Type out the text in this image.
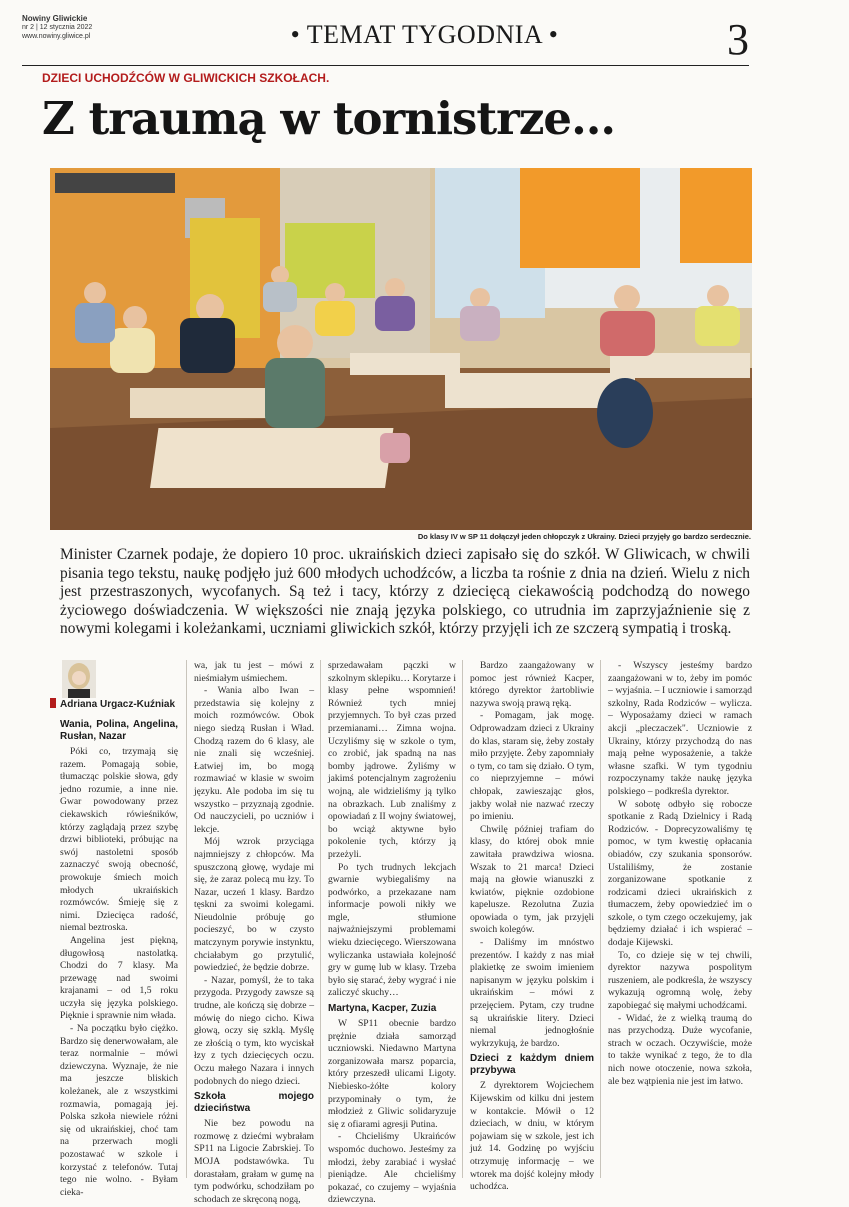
Nowiny Gliwickie
nr 2 | 12 stycznia 2022
www.nowiny.gliwice.pl	• TEMAT TYGODNIA •	3
DZIECI UCHODŹCÓW W GLIWICKICH SZKOŁACH.
Z traumą w tornistrze...
Do klasy IV w SP 11 dołączył jeden chłopczyk z Ukrainy. Dzieci przyjęły go bardzo serdecznie.
Minister Czarnek podaje, że dopiero 10 proc. ukraińskich dzieci zapisało się do szkół. W Gliwicach, w chwili pisania tego tekstu, naukę podjęło już 600 młodych uchodźców, a liczba ta rośnie z dnia na dzień. Wielu z nich jest przestraszonych, wycofanych. Są też i tacy, którzy z dziecięcą ciekawością podchodzą do nowego życiowego doświadczenia. W większości nie znają języka polskiego, co utrudnia im zaprzyjaźnienie się z nowymi kolegami i koleżankami, uczniami gliwickich szkół, którzy przyjęli ich ze szczerą sympatią i troską.
Adriana Urgacz-Kuźniak
Wania, Polina, Angelina, Rusłan, Nazar

Póki co, trzymają się razem. Pomagają sobie, tłumacząc polskie słowa, gdy jedno rozumie, a inne nie. Gwar powodowany przez ciekawskich rówieśników, którzy zaglądają przez szybę drzwi biblioteki, próbując na swój nastoletni sposób zaznaczyć swoją obecność, prowokuje śmiech moich młodych ukraińskich rozmówców. Śmieję się z nimi. Dziecięca radość, niemal beztroska.

Angelina jest piękną, długowłosą nastolatką. Chodzi do 7 klasy. Ma przewagę nad swoimi krajanami – od 1,5 roku uczyła się języka polskiego. Pięknie i sprawnie nim włada.

- Na początku było ciężko. Bardzo się denerwowałam, ale teraz normalnie – mówi dziewczyna. Wyznaje, że nie ma jeszcze bliskich koleżanek, ale z wszystkimi rozmawia, pomagają jej. Polska szkoła niewiele różni się od ukraińskiej, choć tam na przerwach mogli pozostawać w szkole i korzystać z telefonów. Tutaj tego nie wolno. - Byłam cieka-

wa, jak tu jest – mówi z nieśmiałym uśmiechem.

- Wania albo Iwan – przedstawia się kolejny z moich rozmówców. Obok niego siedzą Rusłan i Wład. Chodzą razem do 6 klasy, ale nie znali się wcześniej. Łatwiej im, bo mogą rozmawiać w klasie w swoim języku. Ale podoba im się tu wszystko – przyznają zgodnie. Od nauczycieli, po uczniów i lekcje.

Mój wzrok przyciąga najmniejszy z chłopców. Ma spuszczoną głowę, wydaje mi się, że zaraz polecą mu łzy. To Nazar, uczeń 1 klasy. Bardzo tęskni za swoimi kolegami. Nieudolnie próbuję go pocieszyć, bo w czysto matczynym porywie instynktu, chciałabym go przytulić, powiedzieć, że będzie dobrze.

- Nazar, pomyśl, że to taka przygoda. Przygody zawsze są trudne, ale kończą się dobrze – mówię do niego cicho. Kiwa głową, oczy się szklą. Myślę ze złością o tym, kto wyciskał łzy z tych dziecięcych oczu. Oczu małego Nazara i innych podobnych do niego dzieci.

Szkoła mojego dzieciństwa

Nie bez powodu na rozmowę z dziećmi wybrałam SP11 na Ligocie Zabrskiej. To MOJA podstawówka. Tu dorastałam, grałam w gumę na tym podwórku, schodziłam po schodach ze skręconą nogą,

sprzedawałam pączki w szkolnym sklepiku… Korytarze i klasy pełne wspomnień! Również tych mniej przyjemnych. To był czas przed przemianami… Zimna wojna. Uczyliśmy się w szkole o tym, co zrobić, jak spadną na nas bomby jądrowe. Żyliśmy w jakimś potencjalnym zagrożeniu wojną, ale widzieliśmy ją tylko na obrazkach. Lub znaliśmy z opowiadań z II wojny światowej, bo wciąż aktywne było pokolenie tych, którzy ją przeżyli.

Po tych trudnych lekcjach gwarnie wybiegaliśmy na podwórko, a przekazane nam informacje powoli nikły we mgle, stłumione najważniejszymi problemami wieku dziecięcego. Wierszowana wyliczanka ustawiała kolejność gry w gumę lub w klasy. Trzeba było się starać, żeby wygrać i nie zaliczyć skuchy…

Martyna, Kacper, Zuzia

W SP11 obecnie bardzo prężnie działa samorząd uczniowski. Niedawno Martyna zorganizowała marsz poparcia, który przeszedł ulicami Ligoty. Niebiesko-żółte kolory przypominały o tym, że młodzież z Gliwic solidaryzuje się z ofiarami agresji Putina.

- Chcieliśmy Ukraińców wspomóc duchowo. Jesteśmy za młodzi, żeby zarabiać i wysłać pieniądze. Ale chcieliśmy pokazać, co czujemy – wyjaśnia dziewczyna.

Bardzo zaangażowany w pomoc jest również Kacper, którego dyrektor żartobliwie nazywa swoją prawą ręką.

- Pomagam, jak mogę. Odprowadzam dzieci z Ukrainy do klas, staram się, żeby zostały miło przyjęte. Żeby zapomniały o tym, co tam się działo. O tym, co nieprzyjemne – mówi chłopak, zawieszając głos, jakby wolał nie nazwać rzeczy po imieniu.

Chwilę później trafiam do klasy, do której obok mnie zawitała prawdziwa wiosna. Wszak to 21 marca! Dzieci mają na głowie wianuszki z kwiatów, pięknie ozdobione kapelusze. Rezolutna Zuzia opowiada o tym, jak przyjęli swoich kolegów.

- Daliśmy im mnóstwo prezentów. I każdy z nas miał plakietkę ze swoim imieniem napisanym w języku polskim i ukraińskim – mówi z przejęciem. Pytam, czy trudne są ukraińskie litery. Dzieci niemal jednogłośnie wykrzykują, że bardzo.

Dzieci z każdym dniem przybywa

Z dyrektorem Wojciechem Kijewskim od kilku dni jestem w kontakcie. Mówił o 12 dzieciach, w dniu, w którym pojawiam się w szkole, jest ich już 14. Godzinę po wyjściu otrzymuję informację – we wtorek ma dojść kolejny młody uchodźca.

- Wszyscy jesteśmy bardzo zaangażowani w to, żeby im pomóc – wyjaśnia. – I uczniowie i samorząd szkolny, Rada Rodziców – wylicza. – Wyposażamy dzieci w ramach akcji „pleczaczek". Uczniowie z Ukrainy, którzy przychodzą do nas mają pełne wyposażenie, a także własne szafki. W tym tygodniu rozpoczynamy także naukę języka polskiego – podkreśla dyrektor.

W sobotę odbyło się robocze spotkanie z Radą Dzielnicy i Radą Rodziców. - Doprecyzowaliśmy tę pomoc, w tym kwestię opłacania obiadów, czy szukania sponsorów. Ustaliliśmy, że zostanie zorganizowane spotkanie z rodzicami dzieci ukraińskich z tłumaczem, żeby opowiedzieć im o szkole, o tym czego oczekujemy, jak będziemy działać i ich wspierać – dodaje Kijewski.

To, co dzieje się w tej chwili, dyrektor nazywa pospolitym ruszeniem, ale podkreśla, że wszyscy wykazują ogromną wolę, żeby zapobiegać się małymi uchodźcami.

- Widać, że z wielką traumą do nas przychodzą. Duże wycofanie, strach w oczach. Oczywiście, może to także wynikać z tego, że to dla nich nowe otoczenie, nowa szkoła, ale bez wątpienia nie jest im łatwo.
